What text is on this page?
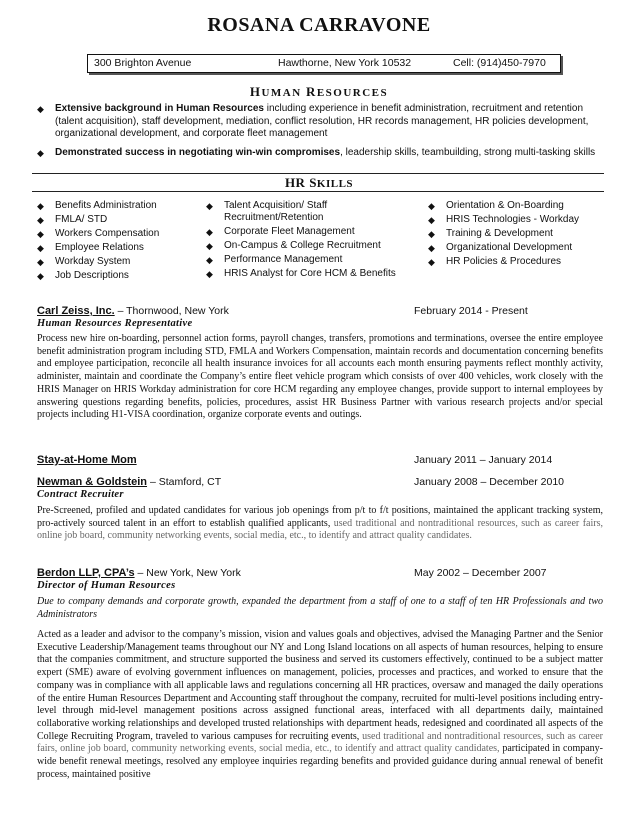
ROSANA CARRAVONE
300 Brighton Avenue	Hawthorne, New York 10532	Cell: (914)450-7970
HUMAN RESOURCES
◆ Extensive background in Human Resources including experience in benefit administration, recruitment and retention (talent acquisition), staff development, mediation, conflict resolution, HR records management, HR policies development, organizational development, and corporate fleet management
◆ Demonstrated success in negotiating win-win compromises, leadership skills, teambuilding, strong multi-tasking skills
HR SKILLS
◆ Benefits Administration
◆ FMLA/ STD
◆ Workers Compensation
◆ Employee Relations
◆ Workday System
◆ Job Descriptions
◆ Talent Acquisition/ Staff Recruitment/Retention
◆ Corporate Fleet Management
◆ On-Campus & College Recruitment
◆ Performance Management
◆ HRIS Analyst for Core HCM & Benefits
◆ Orientation & On-Boarding
◆ HRIS Technologies - Workday
◆ Training & Development
◆ Organizational Development
◆ HR Policies & Procedures
Carl Zeiss, Inc. – Thornwood, New York	February 2014 - Present
Human Resources Representative
Process new hire on-boarding, personnel action forms, payroll changes, transfers, promotions and terminations, oversee the entire employee benefit administration program including STD, FMLA and Workers Compensation, maintain records and documentation concerning benefits and employee participation, reconcile all health insurance invoices for all accounts each month ensuring payments reflect monthly activity, administer, maintain and coordinate the Company’s entire fleet vehicle program which consists of over 400 vehicles, work closely with the HRIS Manager on HRIS Workday administration for core HCM regarding any employee changes, provide support to internal employees by answering questions regarding benefits, policies, procedures, assist HR Business Partner with various research projects and/or special projects including H1-VISA coordination, organize corporate events and outings.
Stay-at-Home Mom	January 2011 – January 2014
Newman & Goldstein – Stamford, CT	January 2008 – December 2010
Contract Recruiter
Pre-Screened, profiled and updated candidates for various job openings from p/t to f/t positions, maintained the applicant tracking system, pro-actively sourced talent in an effort to establish qualified applicants, used traditional and nontraditional resources, such as career fairs, online job board, community networking events, social media, etc., to identify and attract quality candidates.
Berdon LLP, CPA’s – New York, New York	May 2002 – December 2007
Director of Human Resources
Due to company demands and corporate growth, expanded the department from a staff of one to a staff of ten HR Professionals and two Administrators
Acted as a leader and advisor to the company’s mission, vision and values goals and objectives, advised the Managing Partner and the Senior Executive Leadership/Management teams throughout our NY and Long Island locations on all aspects of human resources, helping to ensure that the companies commitment, and structure supported the business and served its customers effectively, continued to be a subject matter expert (SME) aware of evolving government influences on management, policies, processes and practices, and worked to ensure that the company was in compliance with all applicable laws and regulations concerning all HR practices, oversaw and managed the daily operations of the entire Human Resources Department and Accounting staff throughout the company, recruited for multi-level positions including entry-level through mid-level management positions across assigned functional areas, interfaced with all departments daily, maintained collaborative working relationships and developed trusted relationships with department heads, redesigned and coordinated all aspects of the College Recruiting Program, traveled to various campuses for recruiting events, used traditional and nontraditional resources, such as career fairs, online job board, community networking events, social media, etc., to identify and attract quality candidates, participated in company-wide benefit renewal meetings, resolved any employee inquiries regarding benefits and provided guidance during annual renewal of benefit process, maintained positive
